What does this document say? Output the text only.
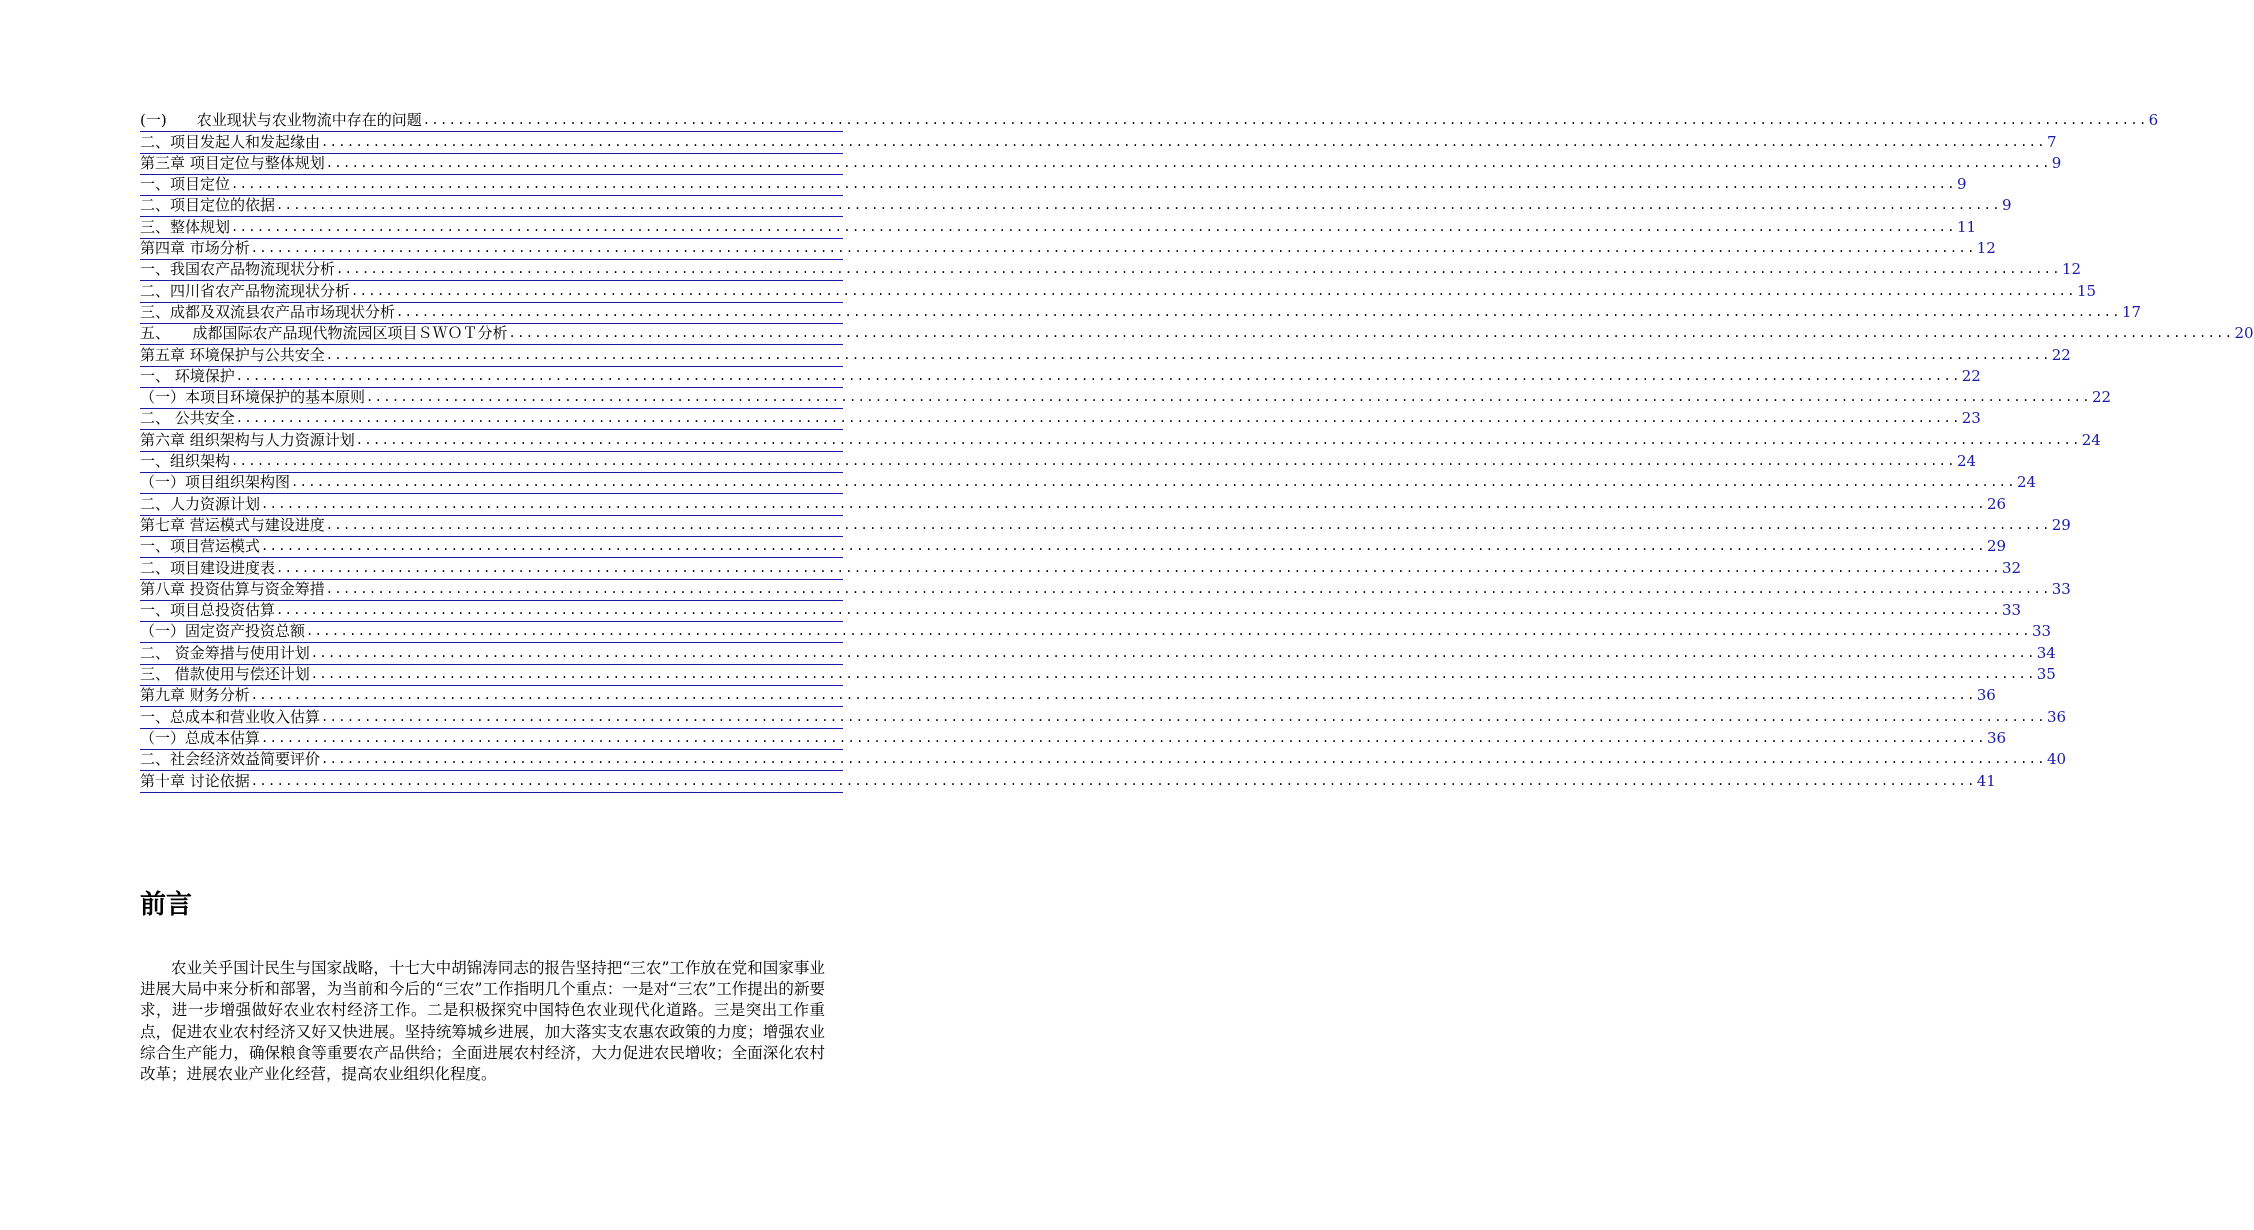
(一)　　农业现状与农业物流中存在的问题 ........................................................................................................................................................................................................ 6
二、项目发起人和发起缘由 ........................................................................................................................................................................................................ 7
第三章 项目定位与整体规划 ........................................................................................................................................................................................................ 9
一、项目定位 ........................................................................................................................................................................................................ 9
二、项目定位的依据 ........................................................................................................................................................................................................ 9
三、整体规划 ........................................................................................................................................................................................................ 11
第四章 市场分析 ........................................................................................................................................................................................................ 12
一、我国农产品物流现状分析 ........................................................................................................................................................................................................ 12
二、四川省农产品物流现状分析 ........................................................................................................................................................................................................ 15
三、成都及双流县农产品市场现状分析 ........................................................................................................................................................................................................ 17
五、　　成都国际农产品现代物流园区项目ＳＷＯＴ分析 ........................................................................................................................................................................................................ 20
第五章 环境保护与公共安全 ........................................................................................................................................................................................................ 22
一、 环境保护 ........................................................................................................................................................................................................ 22
（一）本项目环境保护的基本原则 ........................................................................................................................................................................................................ 22
二、 公共安全 ........................................................................................................................................................................................................ 23
第六章 组织架构与人力资源计划 ........................................................................................................................................................................................................ 24
一、组织架构 ........................................................................................................................................................................................................ 24
（一）项目组织架构图 ........................................................................................................................................................................................................ 24
二、人力资源计划 ........................................................................................................................................................................................................ 26
第七章 营运模式与建设进度 ........................................................................................................................................................................................................ 29
一、项目营运模式 ........................................................................................................................................................................................................ 29
二、项目建设进度表 ........................................................................................................................................................................................................ 32
第八章 投资估算与资金筹措 ........................................................................................................................................................................................................ 33
一、项目总投资估算 ........................................................................................................................................................................................................ 33
（一）固定资产投资总额 ........................................................................................................................................................................................................ 33
二、 资金筹措与使用计划 ........................................................................................................................................................................................................ 34
三、 借款使用与偿还计划 ........................................................................................................................................................................................................ 35
第九章 财务分析 ........................................................................................................................................................................................................ 36
一、总成本和营业收入估算 ........................................................................................................................................................................................................ 36
（一）总成本估算 ........................................................................................................................................................................................................ 36
二、社会经济效益简要评价 ........................................................................................................................................................................................................ 40
第十章 讨论依据 ........................................................................................................................................................................................................ 41
前言

农业关乎国计民生与国家战略，十七大中胡锦涛同志的报告坚持把“三农”工作放在党和国家事业进展大局中来分析和部署，为当前和今后的“三农”工作指明几个重点：一是对“三农”工作提出的新要求，进一步增强做好农业农村经济工作。二是积极探究中国特色农业现代化道路。三是突出工作重点，促进农业农村经济又好又快进展。坚持统筹城乡进展，加大落实支农惠农政策的力度；增强农业综合生产能力，确保粮食等重要农产品供给；全面进展农村经济，大力促进农民增收；全面深化农村改革；进展农业产业化经营，提高农业组织化程度。
